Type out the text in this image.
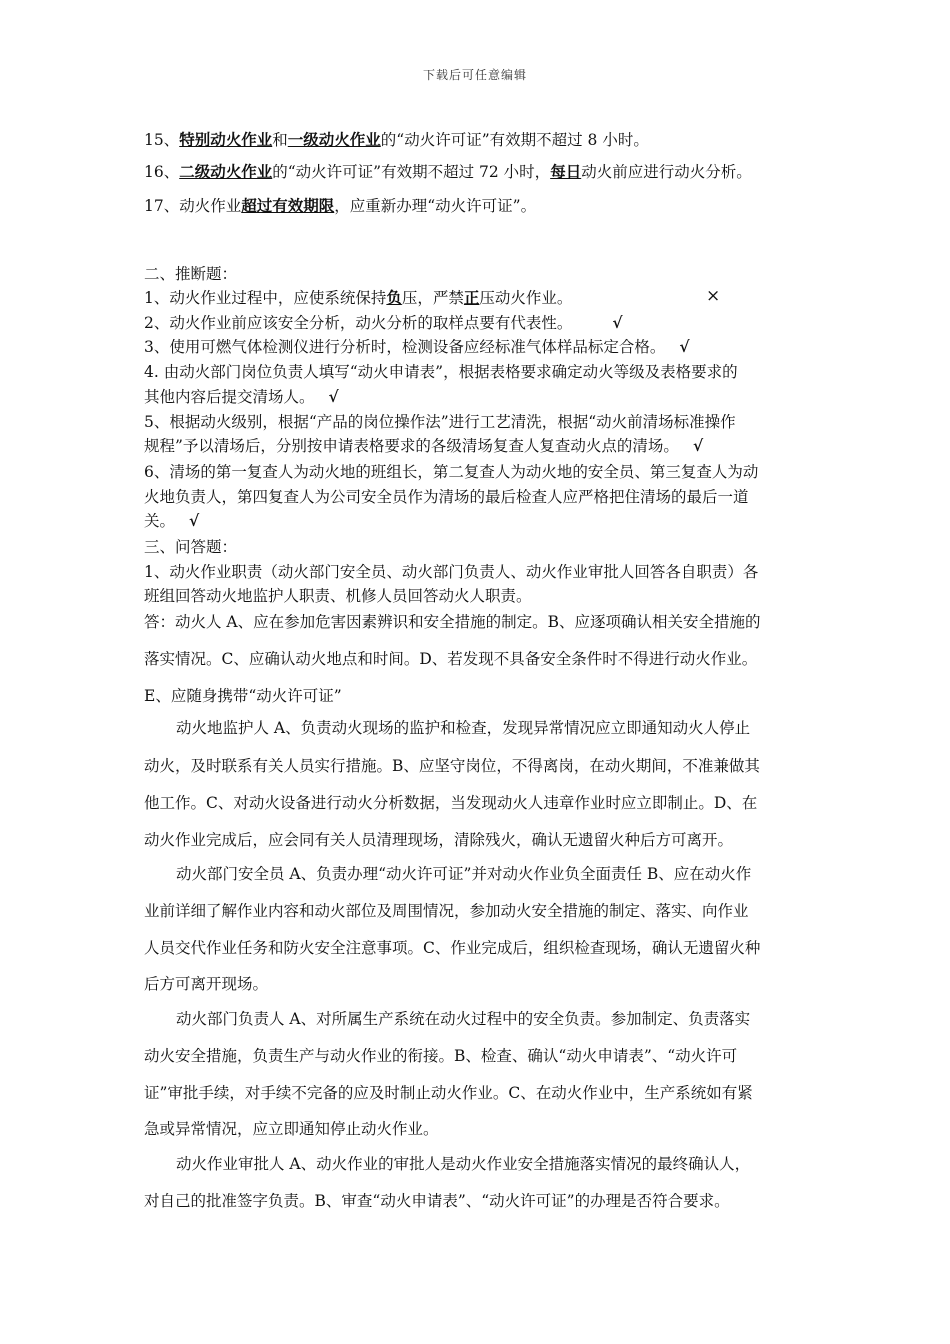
下载后可任意编辑
15、特别动火作业和一级动火作业的“动火许可证”有效期不超过 8 小时。
16、二级动火作业的“动火许可证”有效期不超过 72 小时，每日动火前应进行动火分析。
17、动火作业超过有效期限，应重新办理“动火许可证”。
二、推断题：
1、动火作业过程中，应使系统保持负压，严禁正压动火作业。	×
2、动火作业前应该安全分析，动火分析的取样点要有代表性。	√
3、使用可燃气体检测仪进行分析时，检测设备应经标准气体样品标定合格。 √
4. 由动火部门岗位负责人填写“动火申请表”，根据表格要求确定动火等级及表格要求的
其他内容后提交清场人。 √
5、根据动火级别，根据“产品的岗位操作法”进行工艺清洗，根据“动火前清场标准操作
规程”予以清场后，分别按申请表格要求的各级清场复查人复查动火点的清场。 √
6、清场的第一复查人为动火地的班组长，第二复查人为动火地的安全员、第三复查人为动
火地负责人，第四复查人为公司安全员作为清场的最后检查人应严格把住清场的最后一道
关。 √
三、问答题：
1、动火作业职责（动火部门安全员、动火部门负责人、动火作业审批人回答各自职责）各
班组回答动火地监护人职责、机修人员回答动火人职责。
答：动火人 A、应在参加危害因素辨识和安全措施的制定。B、应逐项确认相关安全措施的
落实情况。C、应确认动火地点和时间。D、若发现不具备安全条件时不得进行动火作业。
E、应随身携带“动火许可证”
动火地监护人 A、负责动火现场的监护和检查，发现异常情况应立即通知动火人停止
动火，及时联系有关人员实行措施。B、应坚守岗位，不得离岗，在动火期间，不准兼做其
他工作。C、对动火设备进行动火分析数据，当发现动火人违章作业时应立即制止。D、在
动火作业完成后，应会同有关人员清理现场，清除残火，确认无遗留火种后方可离开。
动火部门安全员 A、负责办理“动火许可证”并对动火作业负全面责任 B、应在动火作
业前详细了解作业内容和动火部位及周围情况，参加动火安全措施的制定、落实、向作业
人员交代作业任务和防火安全注意事项。C、作业完成后，组织检查现场，确认无遗留火种
后方可离开现场。
动火部门负责人 A、对所属生产系统在动火过程中的安全负责。参加制定、负责落实
动火安全措施，负责生产与动火作业的衔接。B、检查、确认“动火申请表”、“动火许可
证”审批手续，对手续不完备的应及时制止动火作业。C、在动火作业中，生产系统如有紧
急或异常情况，应立即通知停止动火作业。
动火作业审批人 A、动火作业的审批人是动火作业安全措施落实情况的最终确认人，
对自己的批准签字负责。B、审查“动火申请表”、“动火许可证”的办理是否符合要求。
